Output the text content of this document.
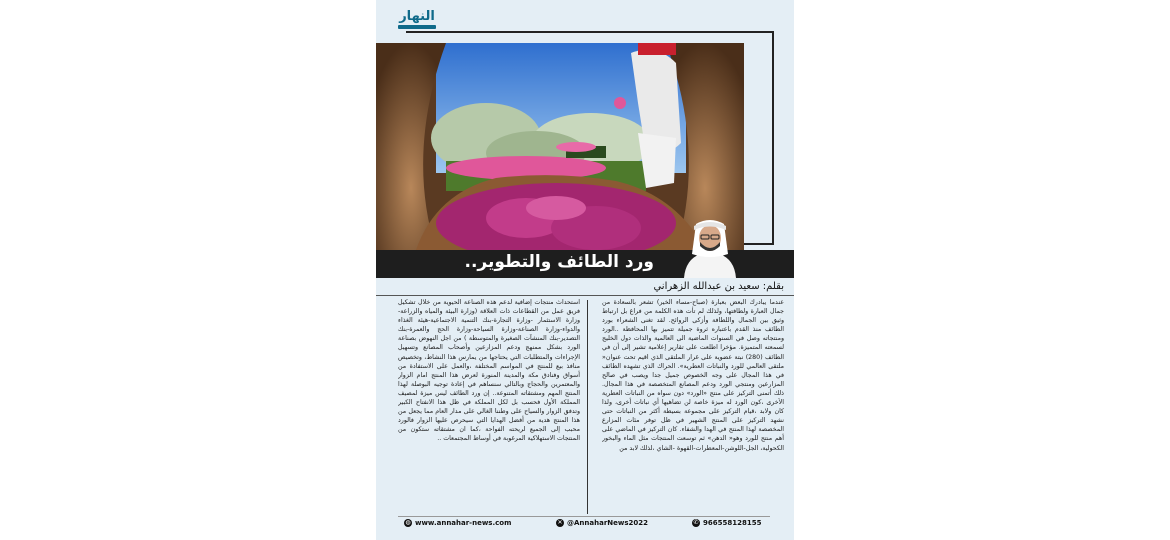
النهار
ورد الطائف والتطوير..
بقلم: سعيد بن عبدالله الزهراني
عندما يبادرك البعض بعبارة (صباح-مساء الخير) تشعر بالسعادة من جمال العبارة ولطافتها، ولذلك لم تأت هذه الكلمة من فراغ بل ارتباط وثيق بين الجمال واللطافة وأزكى الروائح. لقد تغنى الشعراء بورد الطائف منذ القدم باعتباره ثروة جميلة تتميز بها المحافظة ..الورد ومنتجاته وصل في السنوات الماضية الى العالمية والذات دول الخليج لسمعته المتميزة. مؤخرا اطلعت على تقارير إعلامية تشير إلى أن في الطائف (280) نبتة عضوية على غرار الملتقى الذي اقيم تحت عنوان« ملتقى العالمي للورد والنباتات العطرية». الحراك الذي تشهده الطائف في هذا المجال على وجه الخصوص جميل جدا ويصب في صالح المزارعين ومنتجي الورد ودعم المصانع المتخصصة في هذا المجال. ذلك أتمنى التركيز على منتج «الورد» دون سواه من النباتات العطرية الأخرى ،كون الورد له ميزة خاصة لن تضاهيها أي نباتات أخرى، ولذا كان ولابد ،قيام التركيز على مجموعة بسيطة أكثر من النباتات حتى نشهد التركيز على المنتج الشهير في ظل توفر مئات المزارع المخصصة لهذا المنتج في الهدا والشفاء. كان التركيز في الماضي على أهم منتج للورد وهو« الدهن» ثم توسعت المنتجات مثل الماء والبخور الكحولية، الجل-اللوشن-المعطرات-القهوة -الشاي ،لذلك لابد من
استحداث منتجات إضافية لدعم هذه الصناعة الحيوية من خلال تشكيل فريق عمل من القطاعات ذات العلاقة (وزارة البيئة والمياه والزراعة-وزارة الاستثمار -وزارة التجارة-بنك التنمية الاجتماعية-هيئة الغذاء والدواء-وزارة الصناعة-وزارة السياحة-وزارة الحج والعمرة-بنك التصدير-بنك المنشآت الصغيرة والمتوسطة ) من اجل النهوض بصناعة الورد بشكل ممنهج ودعم المزارعين وأصحاب المصانع وتسهيل الإجراءات والمتطلبات التي يحتاجها من يمارس هذا النشاط، وتخصيص منافذ بيع للمنتج في المواسم المختلفة ،والعمل على الاستفادة من أسواق وفنادق مكة والمدينة المنورة لعرض هذا المنتج امام الزوار والمعتمرين والحجاج وبالتالي سنساهم في إعادة توجيه البوصلة لهذا المنتج المهم ومشتقاته المتنوعة.. إن ورد الطائف ليس ميزة لمصيف المملكة الأول فحسب بل لكل المملكة في ظل هذا الانفتاح الكبير وتدفق الزوار والسياح على وطننا الغالي على مدار العام مما يجعل من هذا المنتج هدية من أفضل الهدايا التي سيحرص عليها الزوار فالورد محبب إلى الجميع لريحته الفواحة ،كما ان مشتقاته ستكون من المنتجات الاستهلاكية المرغوبة في أوساط المجتمعات ..
◍ www.annahar-news.com	✕ @AnnaharNews2022	✆ 966558128155
